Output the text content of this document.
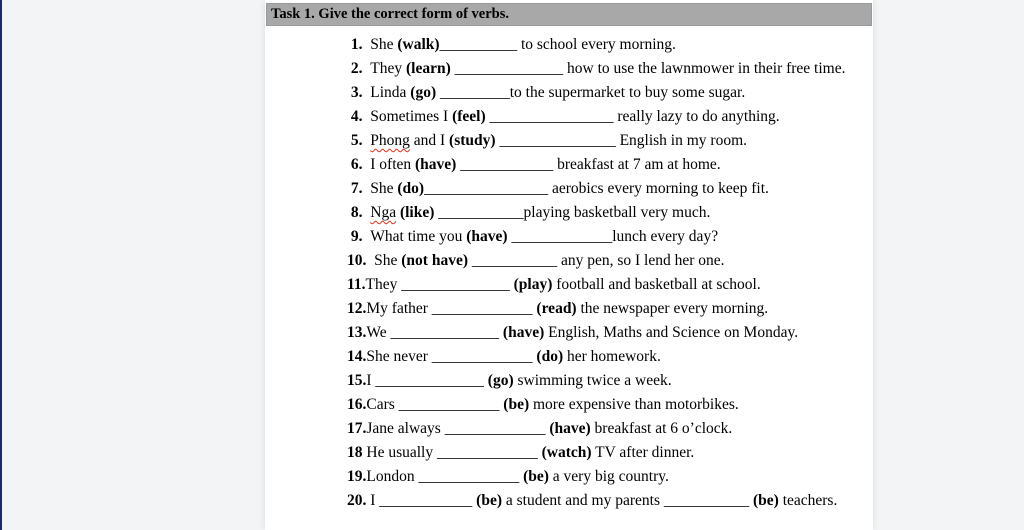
Task 1. Give the correct form of verbs.
1.  She (walk)__________ to school every morning.
2.  They (learn) ______________ how to use the lawnmower in their free time.
3.  Linda (go) _________to the supermarket to buy some sugar.
4.  Sometimes I (feel) ________________ really lazy to do anything.
5.  Phong and I (study) _______________ English in my room.
6.  I often (have) ____________ breakfast at 7 am at home.
7.  She (do)________________ aerobics every morning to keep fit.
8.  Nga (like) ___________playing basketball very much.
9.  What time you (have) _____________lunch every day?
10.  She (not have) ___________ any pen, so I lend her one.
11.They ______________ (play) football and basketball at school.
12.My father _____________ (read) the newspaper every morning.
13.We ______________ (have) English, Maths and Science on Monday.
14.She never _____________ (do) her homework.
15.I ______________ (go) swimming twice a week.
16.Cars _____________ (be) more expensive than motorbikes.
17.Jane always _____________ (have) breakfast at 6 o’clock.
18 He usually _____________ (watch) TV after dinner.
19.London _____________ (be) a very big country.
20. I ____________ (be) a student and my parents ___________ (be) teachers.
